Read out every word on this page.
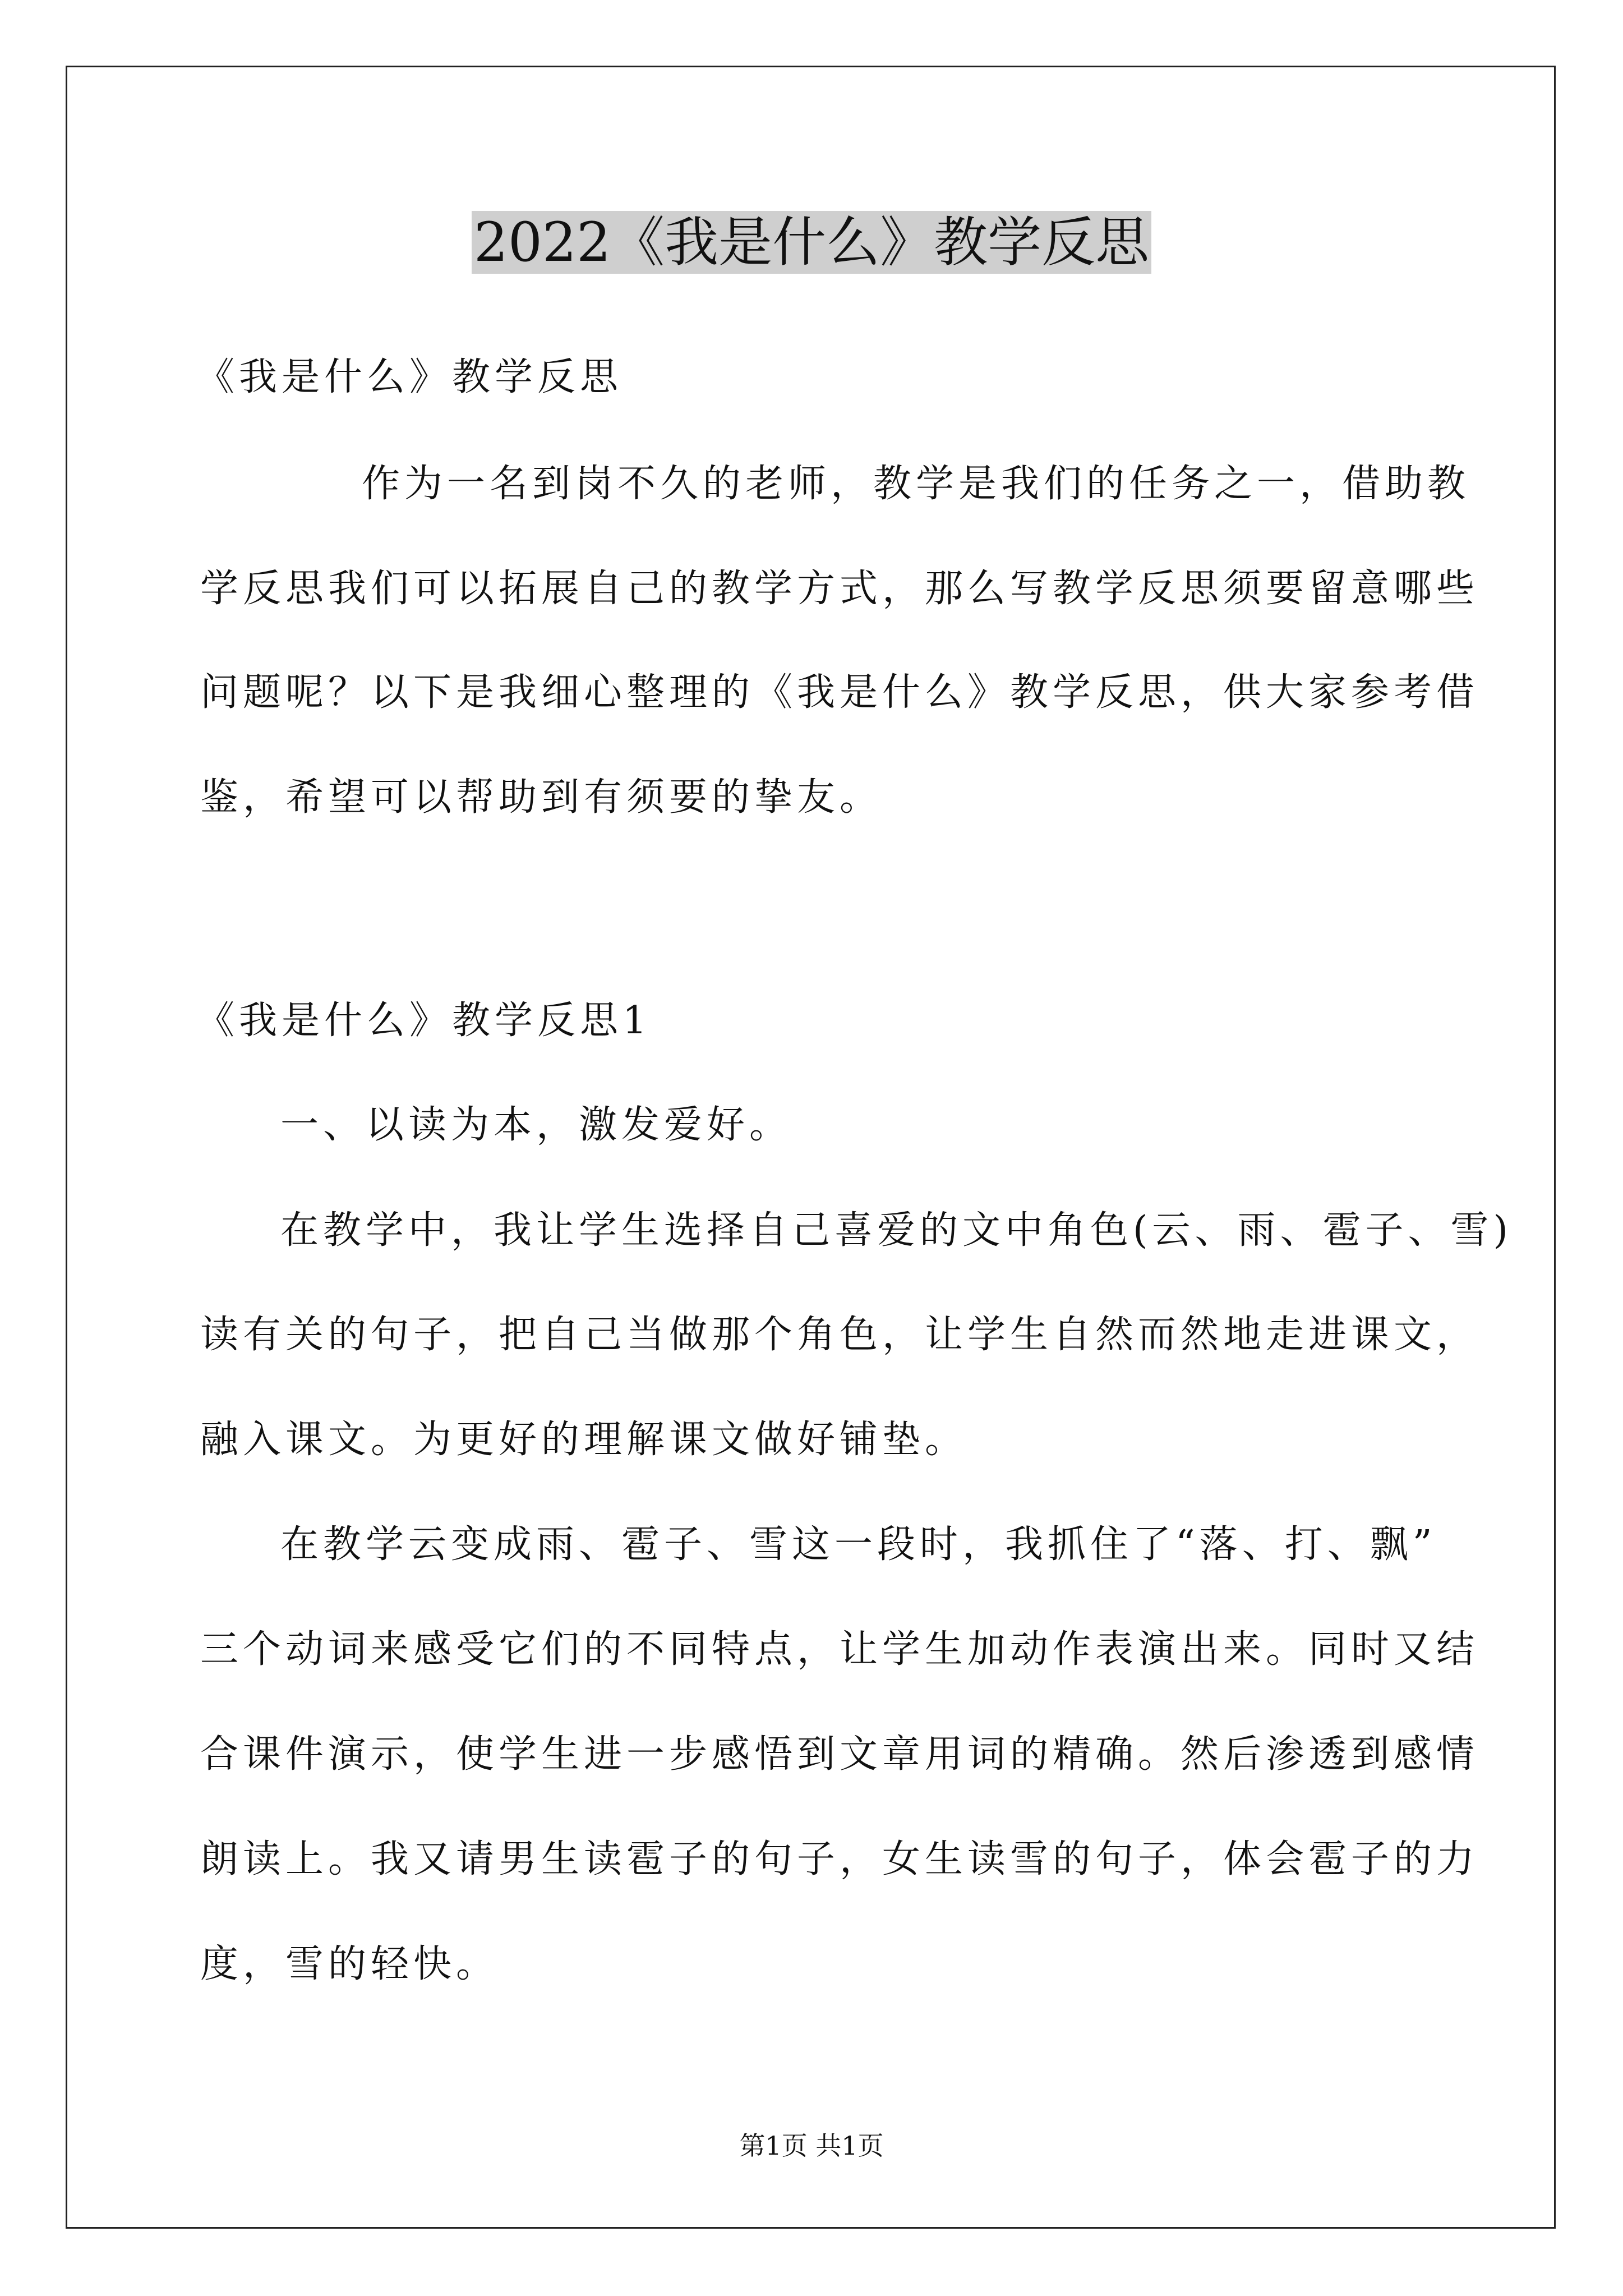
2022《我是什么》教学反思
《我是什么》教学反思
作为一名到岗不久的老师，教学是我们的任务之一，借助教
学反思我们可以拓展自己的教学方式，那么写教学反思须要留意哪些
问题呢？以下是我细心整理的《我是什么》教学反思，供大家参考借
鉴，希望可以帮助到有须要的挚友。
《我是什么》教学反思1
一、以读为本，激发爱好。
在教学中，我让学生选择自己喜爱的文中角色(云、雨、雹子、雪)
读有关的句子，把自己当做那个角色，让学生自然而然地走进课文，
融入课文。为更好的理解课文做好铺垫。
在教学云变成雨、雹子、雪这一段时，我抓住了“落、打、飘”
三个动词来感受它们的不同特点，让学生加动作表演出来。同时又结
合课件演示，使学生进一步感悟到文章用词的精确。然后渗透到感情
朗读上。我又请男生读雹子的句子，女生读雪的句子，体会雹子的力
度，雪的轻快。
第1页 共1页
